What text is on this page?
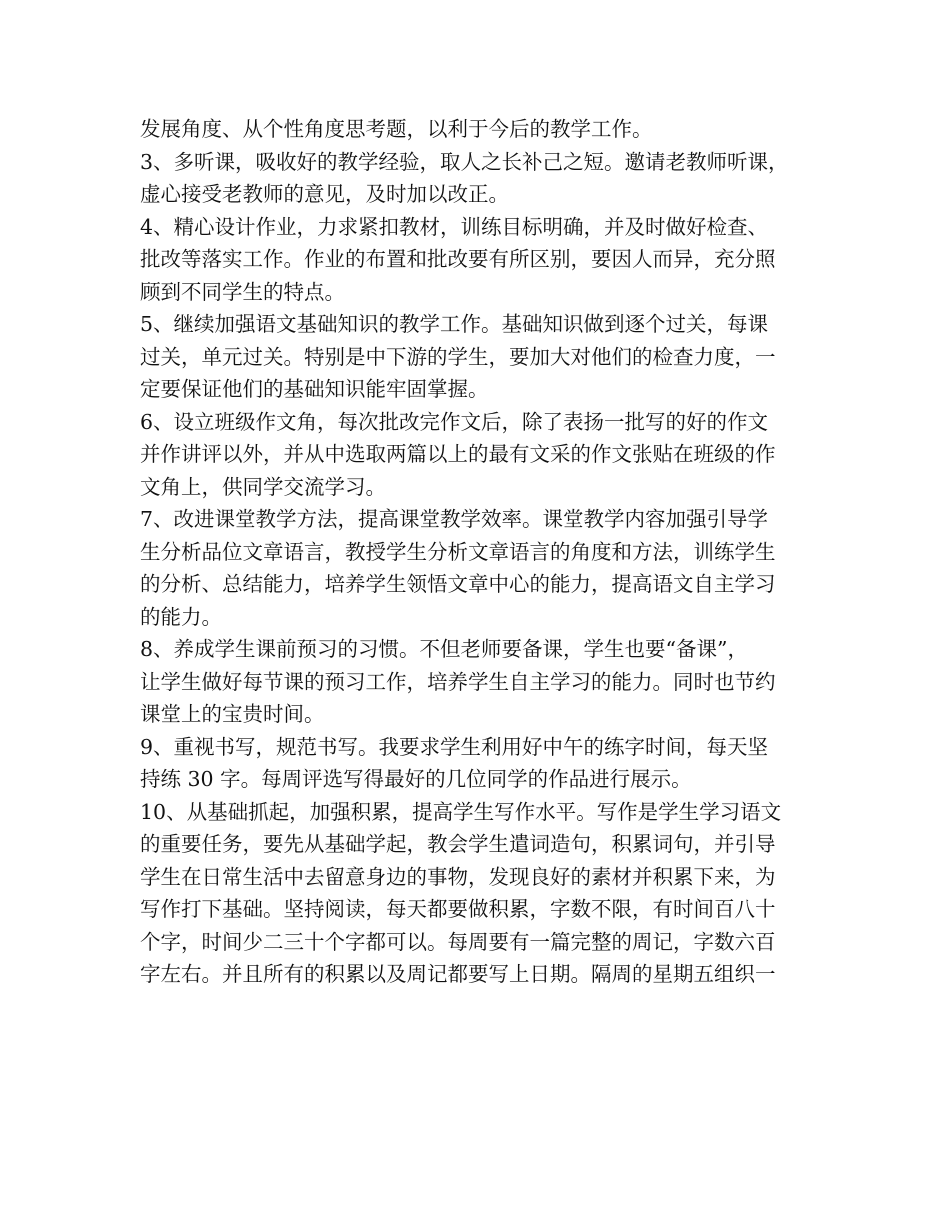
发展角度、从个性角度思考题，以利于今后的教学工作。
3、多听课，吸收好的教学经验，取人之长补己之短。邀请老教师听课，
虚心接受老教师的意见，及时加以改正。
4、精心设计作业，力求紧扣教材，训练目标明确，并及时做好检查、
批改等落实工作。作业的布置和批改要有所区别，要因人而异，充分照
顾到不同学生的特点。
5、继续加强语文基础知识的教学工作。基础知识做到逐个过关，每课
过关，单元过关。特别是中下游的学生，要加大对他们的检查力度，一
定要保证他们的基础知识能牢固掌握。
6、设立班级作文角，每次批改完作文后，除了表扬一批写的好的作文
并作讲评以外，并从中选取两篇以上的最有文采的作文张贴在班级的作
文角上，供同学交流学习。
7、改进课堂教学方法，提高课堂教学效率。课堂教学内容加强引导学
生分析品位文章语言，教授学生分析文章语言的角度和方法，训练学生
的分析、总结能力，培养学生领悟文章中心的能力，提高语文自主学习
的能力。
8、养成学生课前预习的习惯。不但老师要备课，学生也要“备课”，
让学生做好每节课的预习工作，培养学生自主学习的能力。同时也节约
课堂上的宝贵时间。
9、重视书写，规范书写。我要求学生利用好中午的练字时间，每天坚
持练 30 字。每周评选写得最好的几位同学的作品进行展示。
10、从基础抓起，加强积累，提高学生写作水平。写作是学生学习语文
的重要任务，要先从基础学起，教会学生遣词造句，积累词句，并引导
学生在日常生活中去留意身边的事物，发现良好的素材并积累下来，为
写作打下基础。坚持阅读，每天都要做积累，字数不限，有时间百八十
个字，时间少二三十个字都可以。每周要有一篇完整的周记，字数六百
字左右。并且所有的积累以及周记都要写上日期。隔周的星期五组织一
